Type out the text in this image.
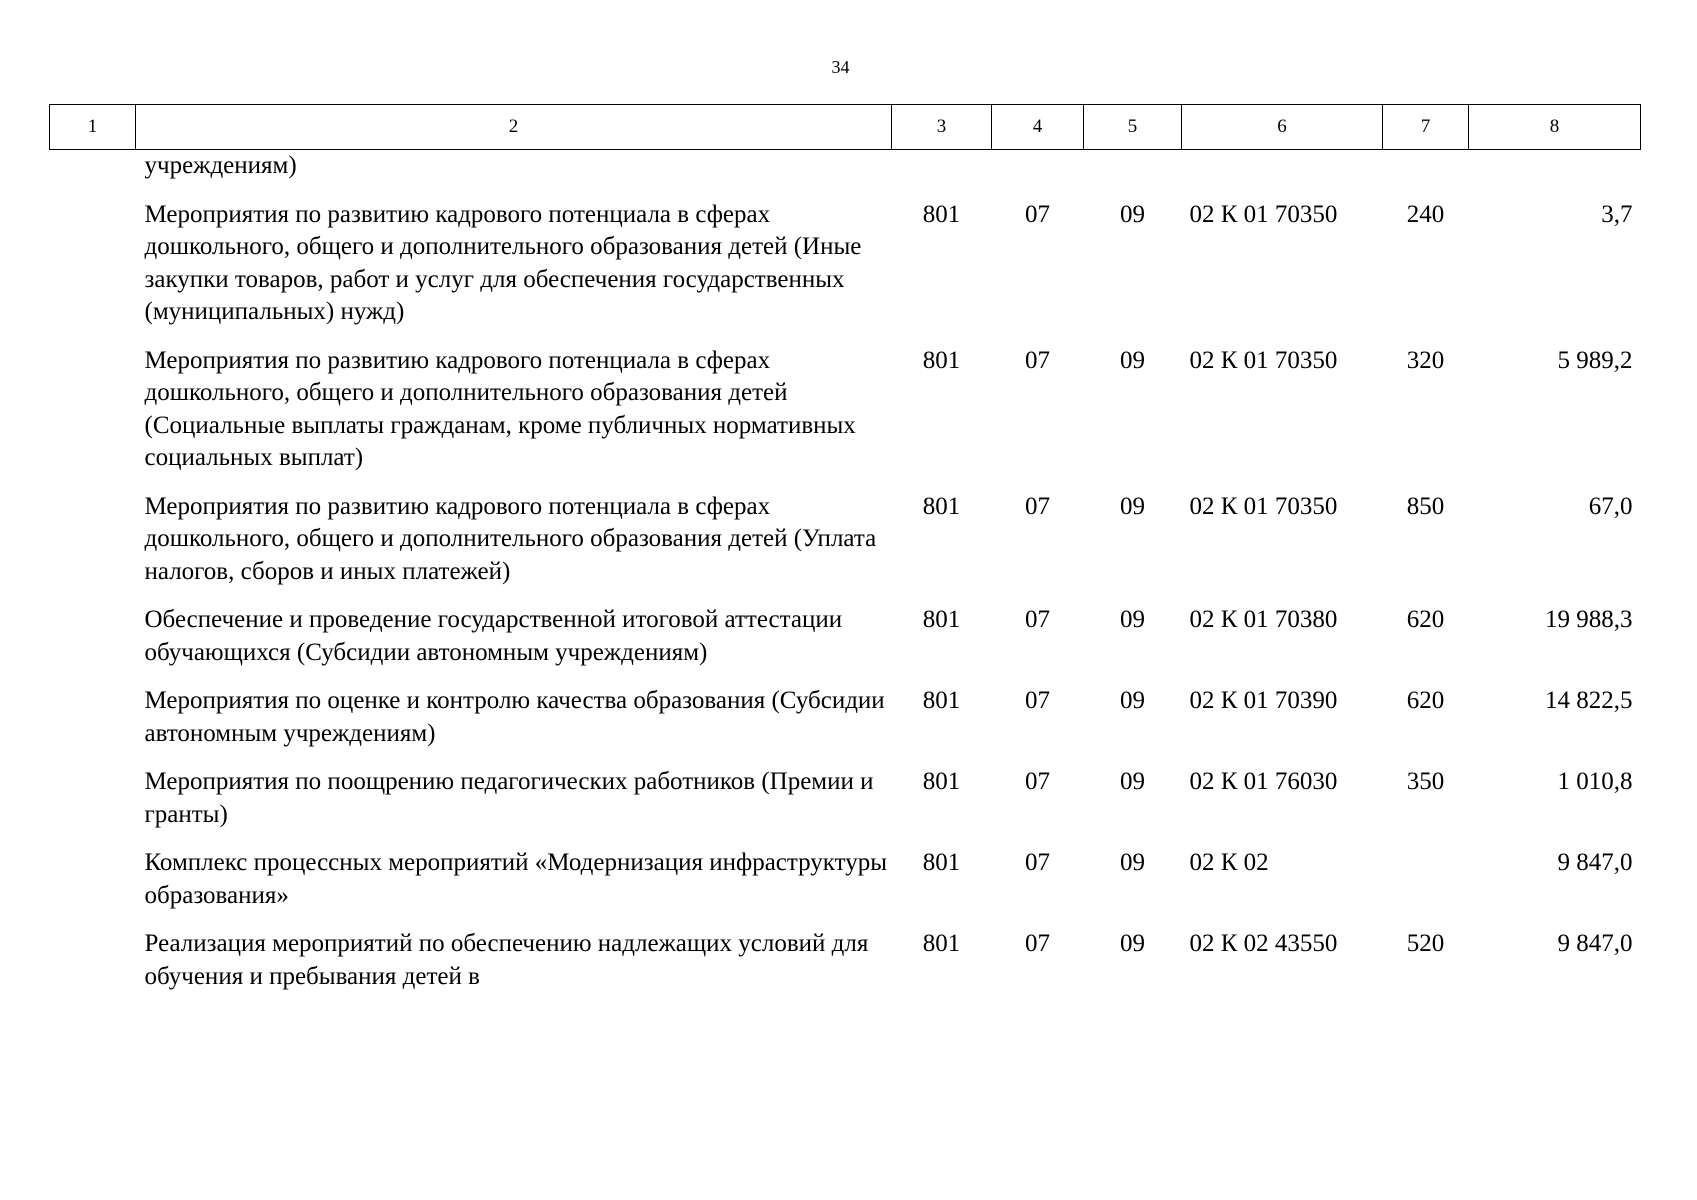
34
1	2	3	4	5	6	7	8
	учреждениям)						
	Мероприятия по развитию кадрового потенциала в сферах дошкольного, общего и дополнительного образования детей (Иные закупки товаров, работ и услуг для обеспечения государственных (муниципальных) нужд)	801	07	09	02 К 01 70350	240	3,7
	Мероприятия по развитию кадрового потенциала в сферах дошкольного, общего и дополнительного образования детей (Социальные выплаты гражданам, кроме публичных нормативных социальных выплат)	801	07	09	02 К 01 70350	320	5 989,2
	Мероприятия по развитию кадрового потенциала в сферах дошкольного, общего и дополнительного образования детей (Уплата налогов, сборов и иных платежей)	801	07	09	02 К 01 70350	850	67,0
	Обеспечение и проведение государственной итоговой аттестации обучающихся (Субсидии автономным учреждениям)	801	07	09	02 К 01 70380	620	19 988,3
	Мероприятия по оценке и контролю качества образования (Субсидии автономным учреждениям)	801	07	09	02 К 01 70390	620	14 822,5
	Мероприятия по поощрению педагогических работников (Премии и гранты)	801	07	09	02 К 01 76030	350	1 010,8
	Комплекс процессных мероприятий «Модернизация инфраструктуры образования»	801	07	09	02 К 02		9 847,0
	Реализация мероприятий по обеспечению надлежащих условий для обучения и пребывания детей в	801	07	09	02 К 02 43550	520	9 847,0
